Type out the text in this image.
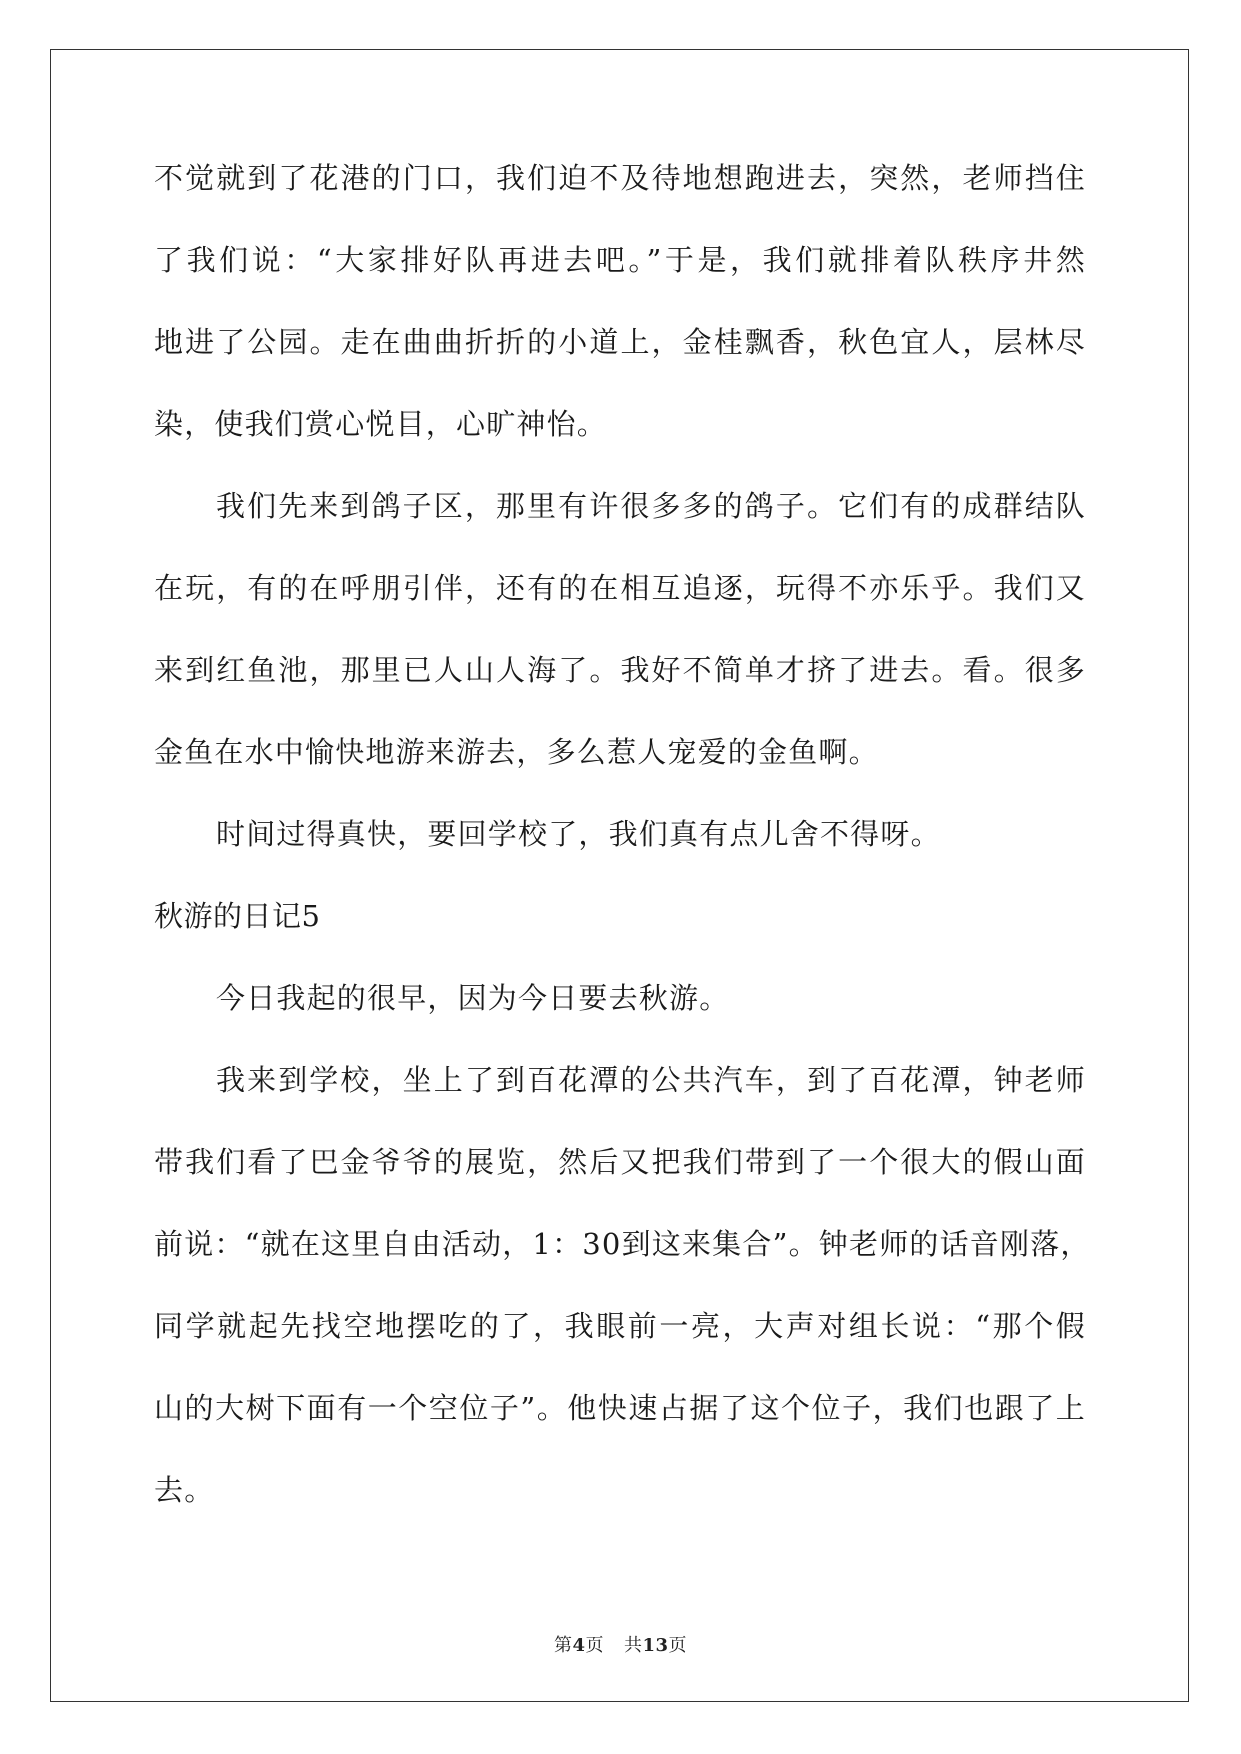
不觉就到了花港的门口，我们迫不及待地想跑进去，突然，老师挡住
了我们说：“大家排好队再进去吧。”于是，我们就排着队秩序井然
地进了公园。走在曲曲折折的小道上，金桂飘香，秋色宜人，层林尽
染，使我们赏心悦目，心旷神怡。
我们先来到鸽子区，那里有许很多多的鸽子。它们有的成群结队
在玩，有的在呼朋引伴，还有的在相互追逐，玩得不亦乐乎。我们又
来到红鱼池，那里已人山人海了。我好不简单才挤了进去。看。很多
金鱼在水中愉快地游来游去，多么惹人宠爱的金鱼啊。
时间过得真快，要回学校了，我们真有点儿舍不得呀。
秋游的日记5
今日我起的很早，因为今日要去秋游。
我来到学校，坐上了到百花潭的公共汽车，到了百花潭，钟老师
带我们看了巴金爷爷的展览，然后又把我们带到了一个很大的假山面
前说：“就在这里自由活动，1：30到这来集合”。钟老师的话音刚落，
同学就起先找空地摆吃的了，我眼前一亮，大声对组长说：“那个假
山的大树下面有一个空位子”。他快速占据了这个位子，我们也跟了上
去。
第4页 共13页
